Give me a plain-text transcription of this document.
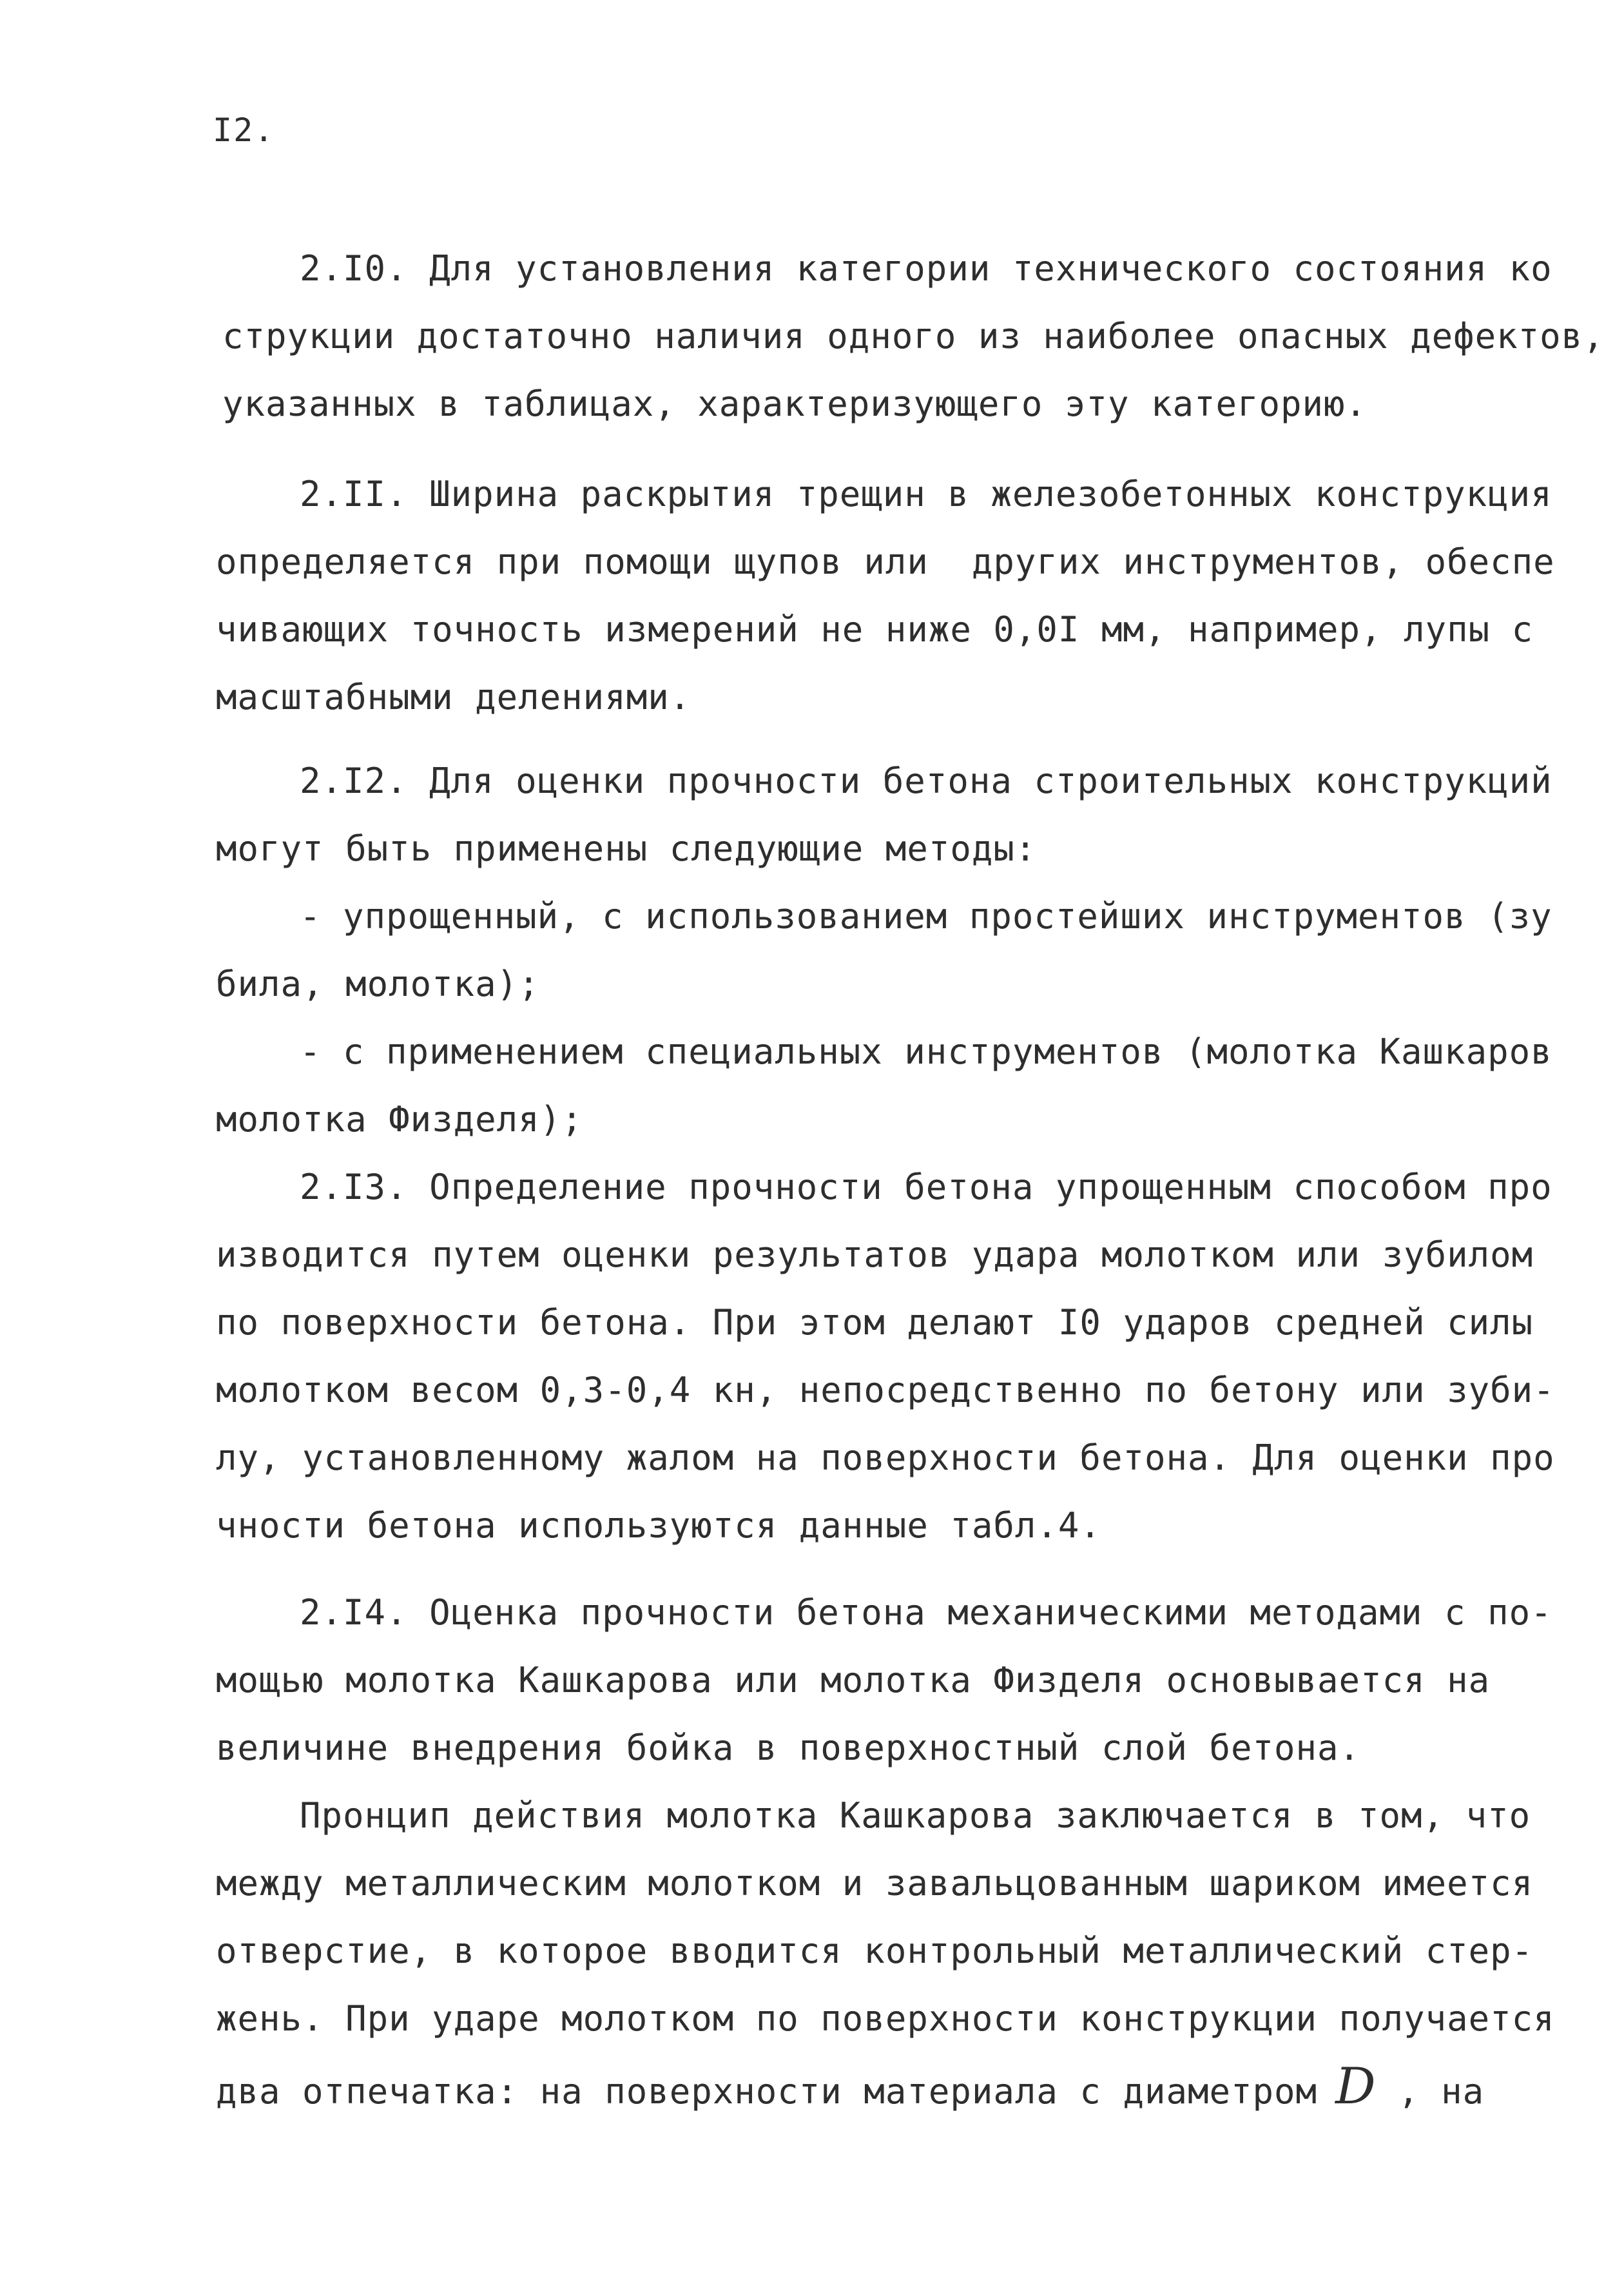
I2.
2.I0. Для установления категории технического состояния ко
струкции достаточно наличия одного из наиболее опасных дефектов,
указанных в таблицах, характеризующего эту категорию.
2.II. Ширина раскрытия трещин в железобетонных конструкция
определяется при помощи щупов или  других инструментов, обеспе
чивающих точность измерений не ниже 0,0I мм, например, лупы с
масштабными делениями.
2.I2. Для оценки прочности бетона строительных конструкций
могут быть применены следующие методы:
- упрощенный, с использованием простейших инструментов (зу
била, молотка);
- с применением специальных инструментов (молотка Кашкаров
молотка Физделя);
2.I3. Определение прочности бетона упрощенным способом про
изводится путем оценки результатов удара молотком или зубилом
по поверхности бетона. При этом делают I0 ударов средней силы
молотком весом 0,3-0,4 кн, непосредственно по бетону или зуби-
лу, установленному жалом на поверхности бетона. Для оценки про
чности бетона используются данные табл.4.
2.I4. Оценка прочности бетона механическими методами с по-
мощью молотка Кашкарова или молотка Физделя основывается на
величине внедрения бойка в поверхностный слой бетона.
Пронцип действия молотка Кашкарова заключается в том, что
между металлическим молотком и завальцованным шариком имеется
отверстие, в которое вводится контрольный металлический стер-
жень. При ударе молотком по поверхности конструкции получается
два отпечатка: на поверхности материала с диаметром D , на
